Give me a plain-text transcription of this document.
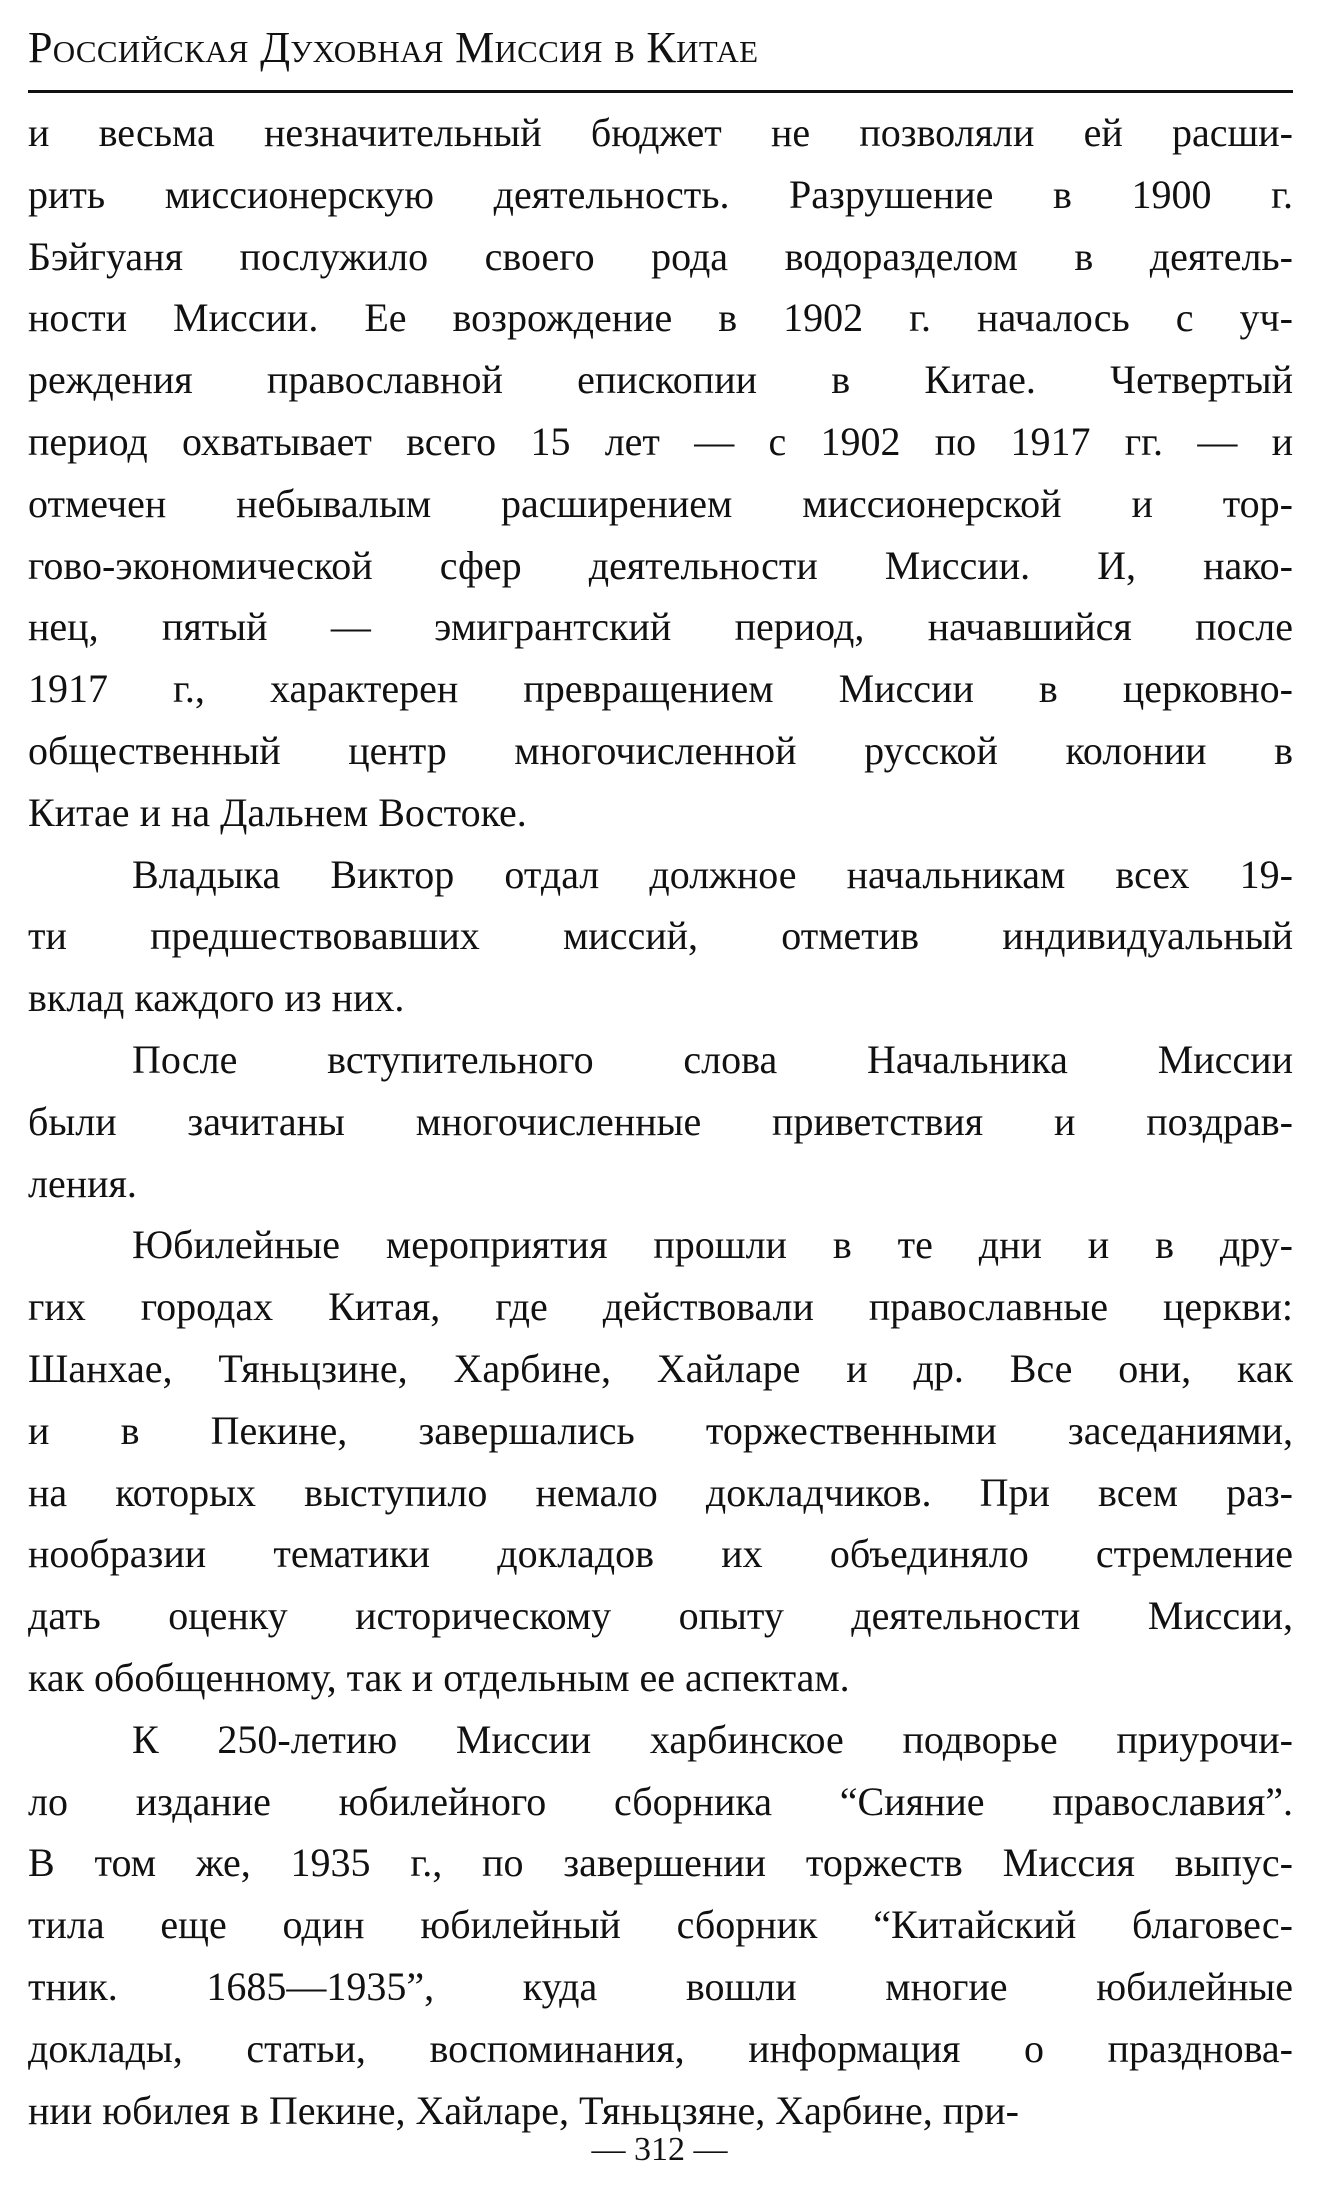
Российская Духовная Миссия в Китае
и весьма незначительный бюджет не позволяли ей расши-
рить миссионерскую деятельность. Разрушение в 1900 г.
Бэйгуаня послужило своего рода водоразделом в деятель-
ности Миссии. Ее возрождение в 1902 г. началось с уч-
реждения православной епископии в Китае. Четвертый
период охватывает всего 15 лет — с 1902 по 1917 гг. — и
отмечен небывалым расширением миссионерской и тор-
гово-экономической сфер деятельности Миссии. И, нако-
нец, пятый — эмигрантский период, начавшийся после
1917 г., характерен превращением Миссии в церковно-
общественный центр многочисленной русской колонии в
Китае и на Дальнем Востоке.
Владыка Виктор отдал должное начальникам всех 19-
ти предшествовавших миссий, отметив индивидуальный
вклад каждого из них.
После вступительного слова Начальника Миссии
были зачитаны многочисленные приветствия и поздрав-
ления.
Юбилейные мероприятия прошли в те дни и в дру-
гих городах Китая, где действовали православные церкви:
Шанхае, Тяньцзине, Харбине, Хайларе и др. Все они, как
и в Пекине, завершались торжественными заседаниями,
на которых выступило немало докладчиков. При всем раз-
нообразии тематики докладов их объединяло стремление
дать оценку историческому опыту деятельности Миссии,
как обобщенному, так и отдельным ее аспектам.
К 250-летию Миссии харбинское подворье приурочи-
ло издание юбилейного сборника “Сияние православия”.
В том же, 1935 г., по завершении торжеств Миссия выпус-
тила еще один юбилейный сборник “Китайский благовес-
тник. 1685—1935”, куда вошли многие юбилейные
доклады, статьи, воспоминания, информация о празднова-
нии юбилея в Пекине, Хайларе, Тяньцзяне, Харбине, при-
— 312 —
